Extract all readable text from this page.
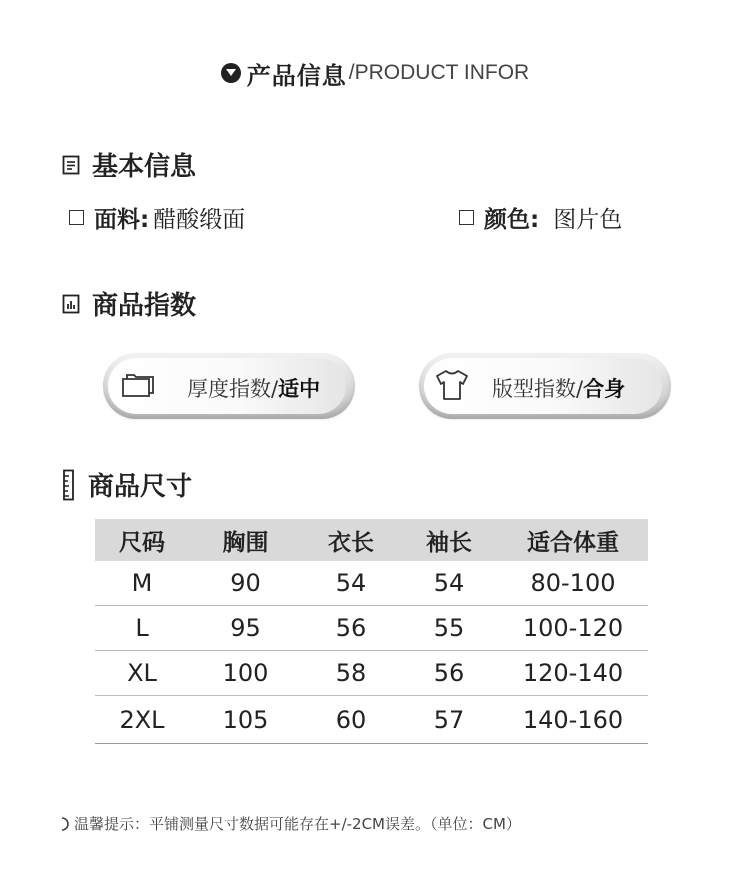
产品信息 /PRODUCT INFOR
基本信息
面料: 醋酸缎面	颜色: 图片色
商品指数
厚度指数/适中	版型指数/合身
商品尺寸
尺码	胸围	衣长	袖长	适合体重
M	90	54	54	80-100
L	95	56	55	100-120
XL	100	58	56	120-140
2XL	105	60	57	140-160
温馨提示：平铺测量尺寸数据可能存在+/-2CM误差。（单位：CM）
